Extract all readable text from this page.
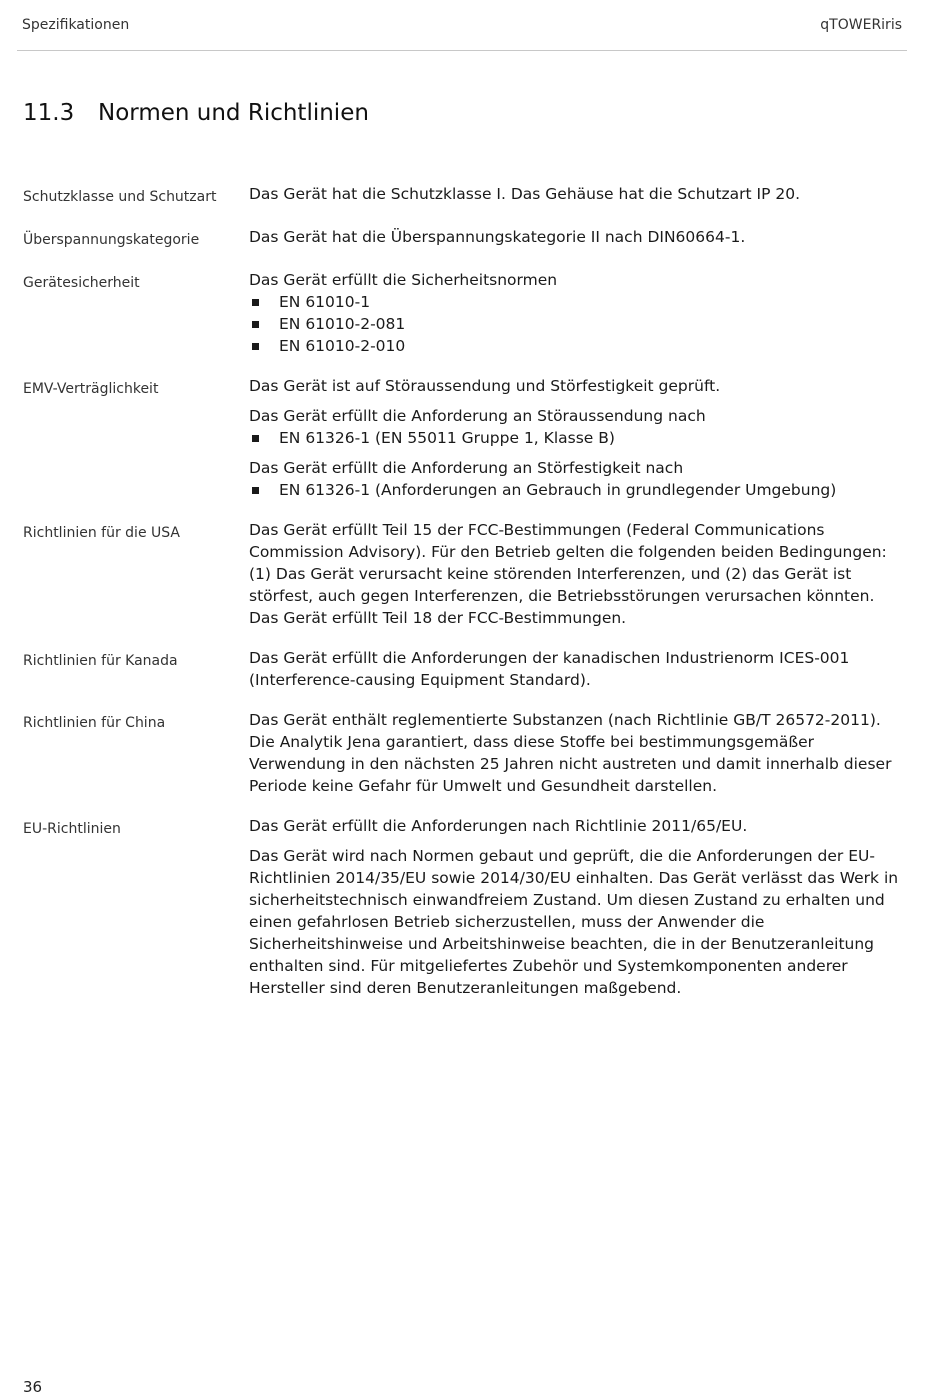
Spezifikationen	qTOWERiris
11.3 Normen und Richtlinien
Schutzklasse und Schutzart	Das Gerät hat die Schutzklasse I. Das Gehäuse hat die Schutzart IP 20.

Überspannungskategorie	Das Gerät hat die Überspannungskategorie II nach DIN60664-1.

Gerätesicherheit	Das Gerät erfüllt die Sicherheitsnormen

EN 61010-1
EN 61010-2-081
EN 61010-2-010
EMV-Verträglichkeit	Das Gerät ist auf Störaussendung und Störfestigkeit geprüft.

Das Gerät erfüllt die Anforderung an Störaussendung nach

EN 61326-1 (EN 55011 Gruppe 1, Klasse B)

Das Gerät erfüllt die Anforderung an Störfestigkeit nach

EN 61326-1 (Anforderungen an Gebrauch in grundlegender Umgebung)
Richtlinien für die USA	Das Gerät erfüllt Teil 15 der FCC-Bestimmungen (Federal Communications Commission Advisory). Für den Betrieb gelten die folgenden beiden Bedingungen: (1) Das Gerät verursacht keine störenden Interferenzen, und (2) das Gerät ist störfest, auch gegen Interferenzen, die Betriebsstörungen verursachen könnten. Das Gerät erfüllt Teil 18 der FCC-Bestimmungen.

Richtlinien für Kanada	Das Gerät erfüllt die Anforderungen der kanadischen Industrienorm ICES-001 (Interference-causing Equipment Standard).

Richtlinien für China	Das Gerät enthält reglementierte Substanzen (nach Richtlinie GB/T 26572-2011). Die Analytik Jena garantiert, dass diese Stoffe bei bestimmungsgemäßer Verwendung in den nächsten 25 Jahren nicht austreten und damit innerhalb dieser Periode keine Gefahr für Umwelt und Gesundheit darstellen.

EU-Richtlinien	Das Gerät erfüllt die Anforderungen nach Richtlinie 2011/65/EU.

Das Gerät wird nach Normen gebaut und geprüft, die die Anforderungen der EU-Richtlinien 2014/35/EU sowie 2014/30/EU einhalten. Das Gerät verlässt das Werk in sicherheitstechnisch einwandfreiem Zustand. Um diesen Zustand zu erhalten und einen gefahrlosen Betrieb sicherzustellen, muss der Anwender die Sicherheitshinweise und Arbeitshinweise beachten, die in der Benutzeranleitung enthalten sind. Für mitgeliefertes Zubehör und Systemkomponenten anderer Hersteller sind deren Benutzeranleitungen maßgebend.

36
